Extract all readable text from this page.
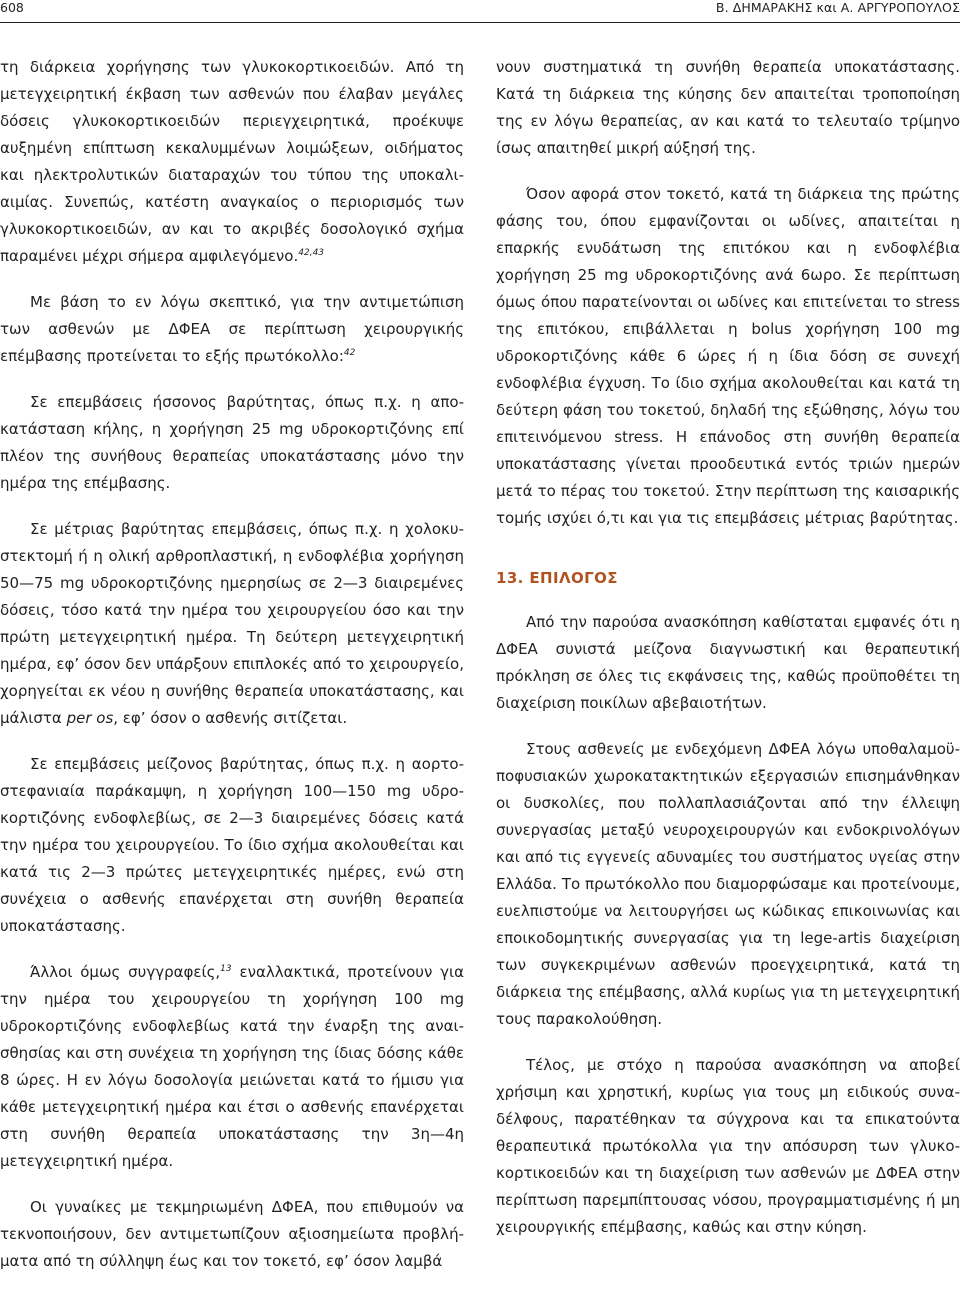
608	Β. ΔΗΜΑΡΑΚΗΣ και Α. ΑΡΓΥΡΟΠΟΥΛΟΣ

τη διάρκεια χορήγησης των γλυκοκορτικοειδών. Από τη μετεγχειρητική έκβαση των ασθενών που έλαβαν μεγάλες δόσεις γλυκοκορτικοειδών περιεγχειρητικά, προέκυψε αυξημένη επίπτωση κεκαλυμμένων λοιμώξεων, οιδήματος και ηλεκτρολυτικών διαταραχών του τύπου της υποκαλιαιμίας. Συνεπώς, κατέστη αναγκαίος ο περιορισμός των γλυκοκορτικοειδών, αν και το ακριβές δοσολογικό σχήμα παραμένει μέχρι σήμερα αμφιλεγόμενο.$^{42,43}$

Με βάση το εν λόγω σκεπτικό, για την αντιμετώπιση των ασθενών με ΔΦΕΑ σε περίπτωση χειρουργικής επέμβασης προτείνεται το εξής πρωτόκολλο:$^{42}$

Σε επεμβάσεις ήσσονος βαρύτητας, όπως π.χ. η αποκατάσταση κήλης, η χορήγηση 25 mg υδροκορτιζόνης επί πλέον της συνήθους θεραπείας υποκατάστασης μόνο την ημέρα της επέμβασης.

Σε μέτριας βαρύτητας επεμβάσεις, όπως π.χ. η χολοκυστεκτομή ή η ολική αρθροπλαστική, η ενδοφλέβια χορήγηση 50—75 mg υδροκορτιζόνης ημερησίως σε 2—3 διαιρεμένες δόσεις, τόσο κατά την ημέρα του χειρουργείου όσο και την πρώτη μετεγχειρητική ημέρα. Τη δεύτερη μετεγχειρητική ημέρα, εφ’ όσον δεν υπάρξουν επιπλοκές από το χειρουργείο, χορηγείται εκ νέου η συνήθης θεραπεία υποκατάστασης, και μάλιστα per os, εφ’ όσον ο ασθενής σιτίζεται.

Σε επεμβάσεις μείζονος βαρύτητας, όπως π.χ. η αορτοστεφανιαία παράκαμψη, η χορήγηση 100—150 mg υδροκορτιζόνης ενδοφλεβίως, σε 2—3 διαιρεμένες δόσεις κατά την ημέρα του χειρουργείου. Το ίδιο σχήμα ακολουθείται και κατά τις 2—3 πρώτες μετεγχειρητικές ημέρες, ενώ στη συνέχεια ο ασθενής επανέρχεται στη συνήθη θεραπεία υποκατάστασης.

Άλλοι όμως συγγραφείς,$^{13}$ εναλλακτικά, προτείνουν για την ημέρα του χειρουργείου τη χορήγηση 100 mg υδροκορτιζόνης ενδοφλεβίως κατά την έναρξη της αναισθησίας και στη συνέχεια τη χορήγηση της ίδιας δόσης κάθε 8 ώρες. Η εν λόγω δοσολογία μειώνεται κατά το ήμισυ για κάθε μετεγχειρητική ημέρα και έτσι ο ασθενής επανέρχεται στη συνήθη θεραπεία υποκατάστασης την 3η—4η μετεγχειρητική ημέρα.

Οι γυναίκες με τεκμηριωμένη ΔΦΕΑ, που επιθυμούν να τεκνοποιήσουν, δεν αντιμετωπίζουν αξιοσημείωτα προβλήματα από τη σύλληψη έως και τον τοκετό, εφ’ όσον λαμβά

νουν συστηματικά τη συνήθη θεραπεία υποκατάστασης. Κατά τη διάρκεια της κύησης δεν απαιτείται τροποποίηση της εν λόγω θεραπείας, αν και κατά το τελευταίο τρίμηνο ίσως απαιτηθεί μικρή αύξησή της.

Όσον αφορά στον τοκετό, κατά τη διάρκεια της πρώτης φάσης του, όπου εμφανίζονται οι ωδίνες, απαιτείται η επαρκής ενυδάτωση της επιτόκου και η ενδοφλέβια χορήγηση 25 mg υδροκορτιζόνης ανά 6ωρο. Σε περίπτωση όμως όπου παρατείνονται οι ωδίνες και επιτείνεται το stress της επιτόκου, επιβάλλεται η bolus χορήγηση 100 mg υδροκορτιζόνης κάθε 6 ώρες ή η ίδια δόση σε συνεχή ενδοφλέβια έγχυση. Το ίδιο σχήμα ακολουθείται και κατά τη δεύτερη φάση του τοκετού, δηλαδή της εξώθησης, λόγω του επιτεινόμενου stress. Η επάνοδος στη συνήθη θεραπεία υποκατάστασης γίνεται προοδευτικά εντός τριών ημερών μετά το πέρας του τοκετού. Στην περίπτωση της καισαρικής τομής ισχύει ό,τι και για τις επεμβάσεις μέτριας βαρύτητας.

13. ΕΠΙΛΟΓΟΣ

Από την παρούσα ανασκόπηση καθίσταται εμφανές ότι η ΔΦΕΑ συνιστά μείζονα διαγνωστική και θεραπευτική πρόκληση σε όλες τις εκφάνσεις της, καθώς προϋποθέτει τη διαχείριση ποικίλων αβεβαιοτήτων.

Στους ασθενείς με ενδεχόμενη ΔΦΕΑ λόγω υποθαλαμοϋποφυσιακών χωροκατακτητικών εξεργασιών επισημάνθηκαν οι δυσκολίες, που πολλαπλασιάζονται από την έλλειψη συνεργασίας μεταξύ νευροχειρουργών και ενδοκρινολόγων και από τις εγγενείς αδυναμίες του συστήματος υγείας στην Ελλάδα. Το πρωτόκολλο που διαμορφώσαμε και προτείνουμε, ευελπιστούμε να λειτουργήσει ως κώδικας επικοινωνίας και εποικοδομητικής συνεργασίας για τη lege-artis διαχείριση των συγκεκριμένων ασθενών προεγχειρητικά, κατά τη διάρκεια της επέμβασης, αλλά κυρίως για τη μετεγχειρητική τους παρακολούθηση.

Τέλος, με στόχο η παρούσα ανασκόπηση να αποβεί χρήσιμη και χρηστική, κυρίως για τους μη ειδικούς συναδέλφους, παρατέθηκαν τα σύγχρονα και τα επικατούντα θεραπευτικά πρωτόκολλα για την απόσυρση των γλυκοκορτικοειδών και τη διαχείριση των ασθενών με ΔΦΕΑ στην περίπτωση παρεμπίπτουσας νόσου, προγραμματισμένης ή μη χειρουργικής επέμβασης, καθώς και στην κύηση.
